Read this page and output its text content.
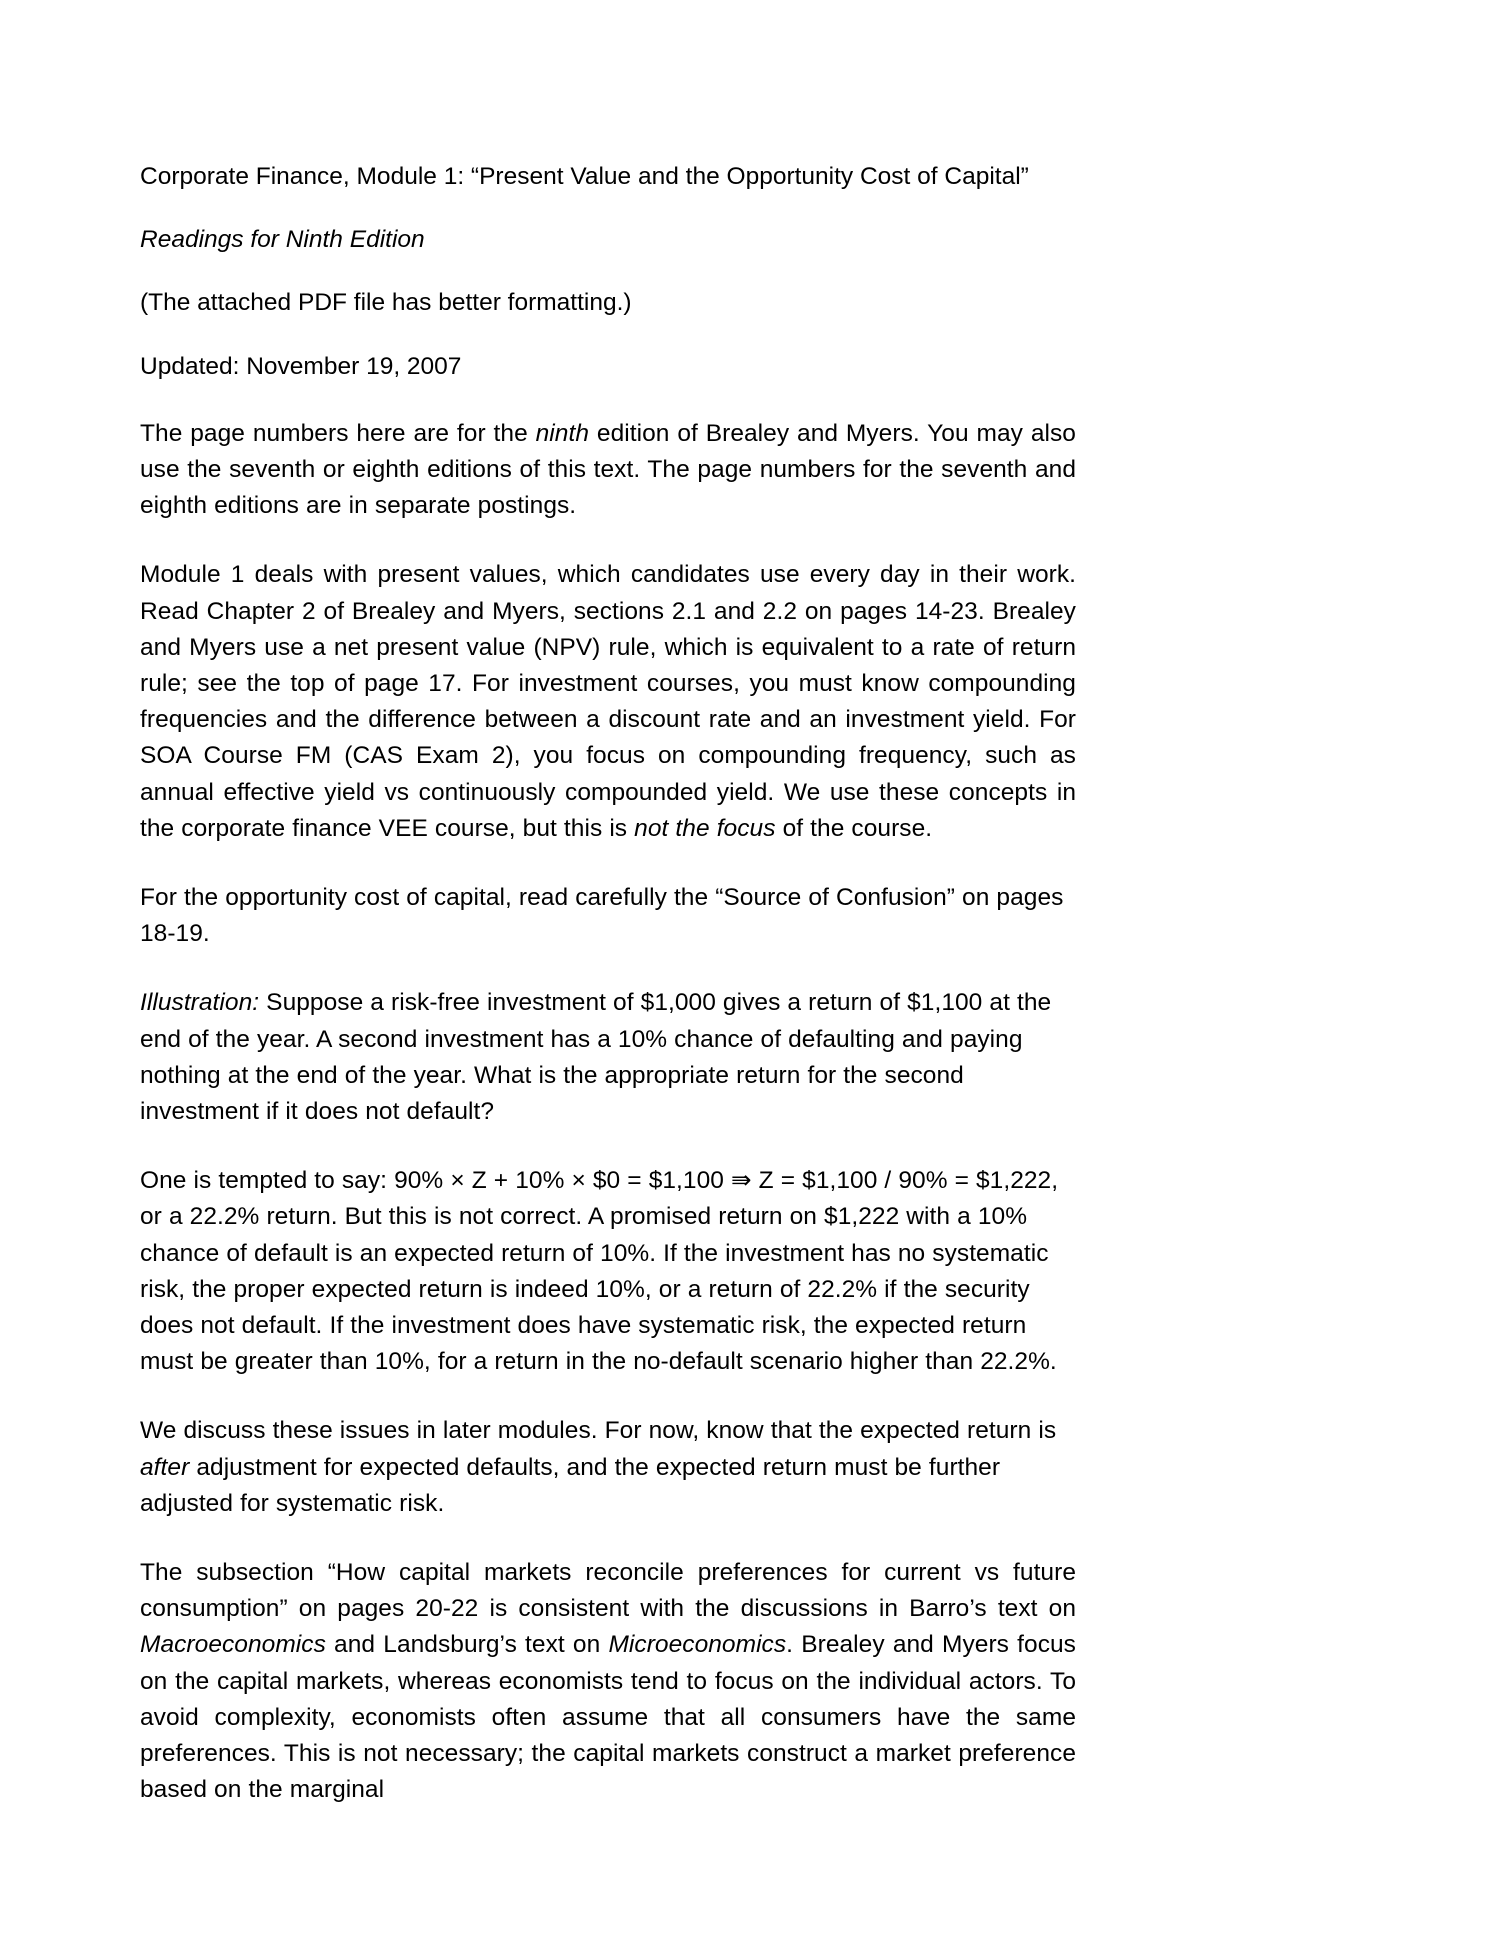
Corporate Finance, Module 1: “Present Value and the Opportunity Cost of Capital”
Readings for Ninth Edition
(The attached PDF file has better formatting.)
Updated: November 19, 2007

The page numbers here are for the ninth edition of Brealey and Myers. You may also use the seventh or eighth editions of this text. The page numbers for the seventh and eighth editions are in separate postings.

Module 1 deals with present values, which candidates use every day in their work. Read Chapter 2 of Brealey and Myers, sections 2.1 and 2.2 on pages 14-23. Brealey and Myers use a net present value (NPV) rule, which is equivalent to a rate of return rule; see the top of page 17. For investment courses, you must know compounding frequencies and the difference between a discount rate and an investment yield. For SOA Course FM (CAS Exam 2), you focus on compounding frequency, such as annual effective yield vs continuously compounded yield. We use these concepts in the corporate finance VEE course, but this is not the focus of the course.

For the opportunity cost of capital, read carefully the “Source of Confusion” on pages 18-19.

Illustration: Suppose a risk-free investment of $1,000 gives a return of $1,100 at the end of the year. A second investment has a 10% chance of defaulting and paying nothing at the end of the year. What is the appropriate return for the second investment if it does not default?

One is tempted to say: 90% × Z + 10% × $0 = $1,100 ⇛ Z = $1,100 / 90% = $1,222, or a 22.2% return. But this is not correct. A promised return on $1,222 with a 10% chance of default is an expected return of 10%. If the investment has no systematic risk, the proper expected return is indeed 10%, or a return of 22.2% if the security does not default. If the investment does have systematic risk, the expected return must be greater than 10%, for a return in the no-default scenario higher than 22.2%.

We discuss these issues in later modules. For now, know that the expected return is after adjustment for expected defaults, and the expected return must be further adjusted for systematic risk.

The subsection “How capital markets reconcile preferences for current vs future consumption” on pages 20-22 is consistent with the discussions in Barro’s text on Macroeconomics and Landsburg’s text on Microeconomics. Brealey and Myers focus on the capital markets, whereas economists tend to focus on the individual actors. To avoid complexity, economists often assume that all consumers have the same preferences. This is not necessary; the capital markets construct a market preference based on the marginal
